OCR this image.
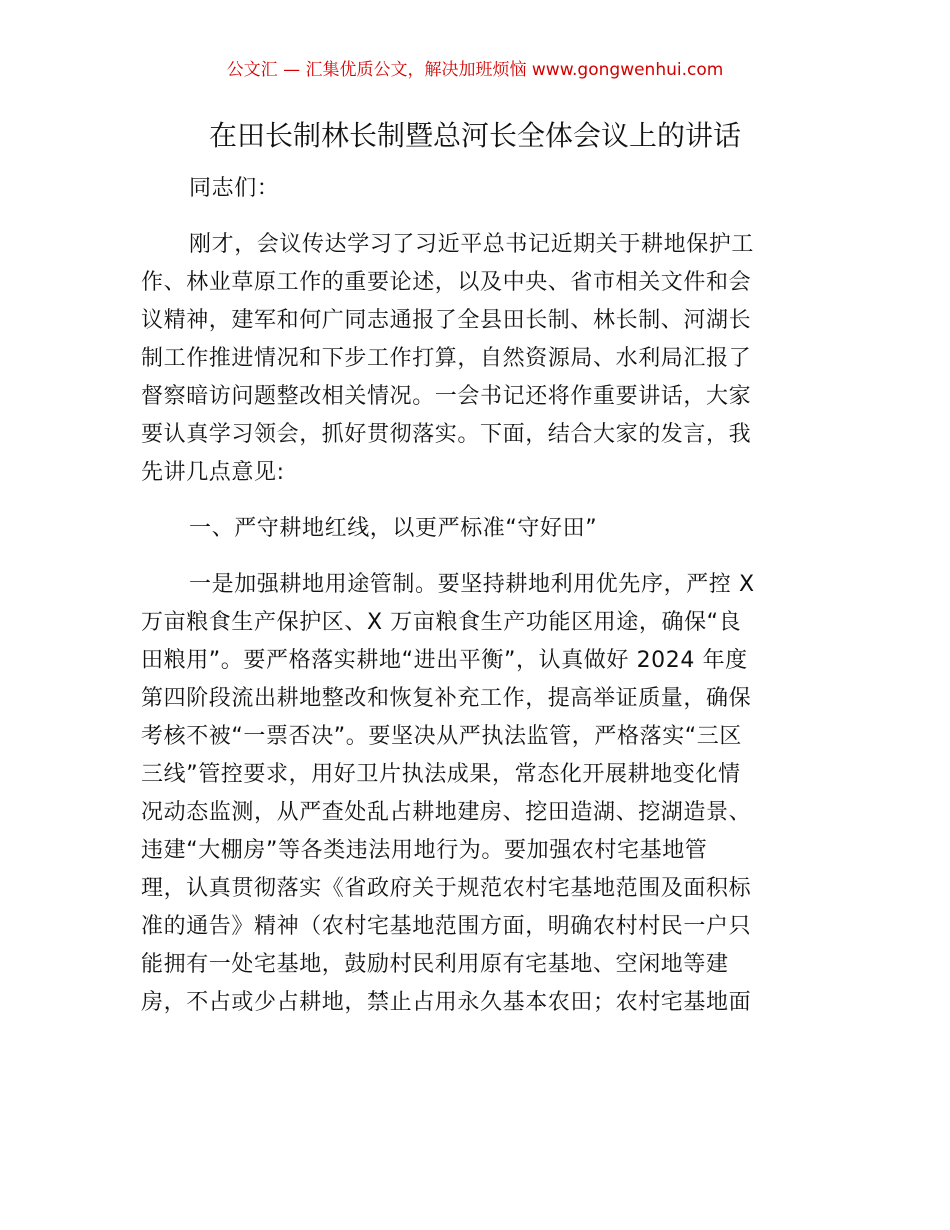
公文汇 — 汇集优质公文，解决加班烦恼 www.gongwenhui.com
在田长制林长制暨总河长全体会议上的讲话

同志们：

刚才，会议传达学习了习近平总书记近期关于耕地保护工
作、林业草原工作的重要论述，以及中央、省市相关文件和会
议精神，建军和何广同志通报了全县田长制、林长制、河湖长
制工作推进情况和下步工作打算，自然资源局、水利局汇报了
督察暗访问题整改相关情况。一会书记还将作重要讲话，大家
要认真学习领会，抓好贯彻落实。下面，结合大家的发言，我
先讲几点意见:

一、严守耕地红线，以更严标准“守好田”

一是加强耕地用途管制。要坚持耕地利用优先序，严控 X
万亩粮食生产保护区、X 万亩粮食生产功能区用途，确保“良
田粮用”。要严格落实耕地“进出平衡”，认真做好 2024 年度
第四阶段流出耕地整改和恢复补充工作，提高举证质量，确保
考核不被“一票否决”。要坚决从严执法监管，严格落实“三区
三线”管控要求，用好卫片执法成果，常态化开展耕地变化情
况动态监测，从严查处乱占耕地建房、挖田造湖、挖湖造景、
违建“大棚房”等各类违法用地行为。要加强农村宅基地管
理，认真贯彻落实《省政府关于规范农村宅基地范围及面积标
准的通告》精神（农村宅基地范围方面，明确农村村民一户只
能拥有一处宅基地，鼓励村民利用原有宅基地、空闲地等建
房，不占或少占耕地，禁止占用永久基本农田；农村宅基地面
